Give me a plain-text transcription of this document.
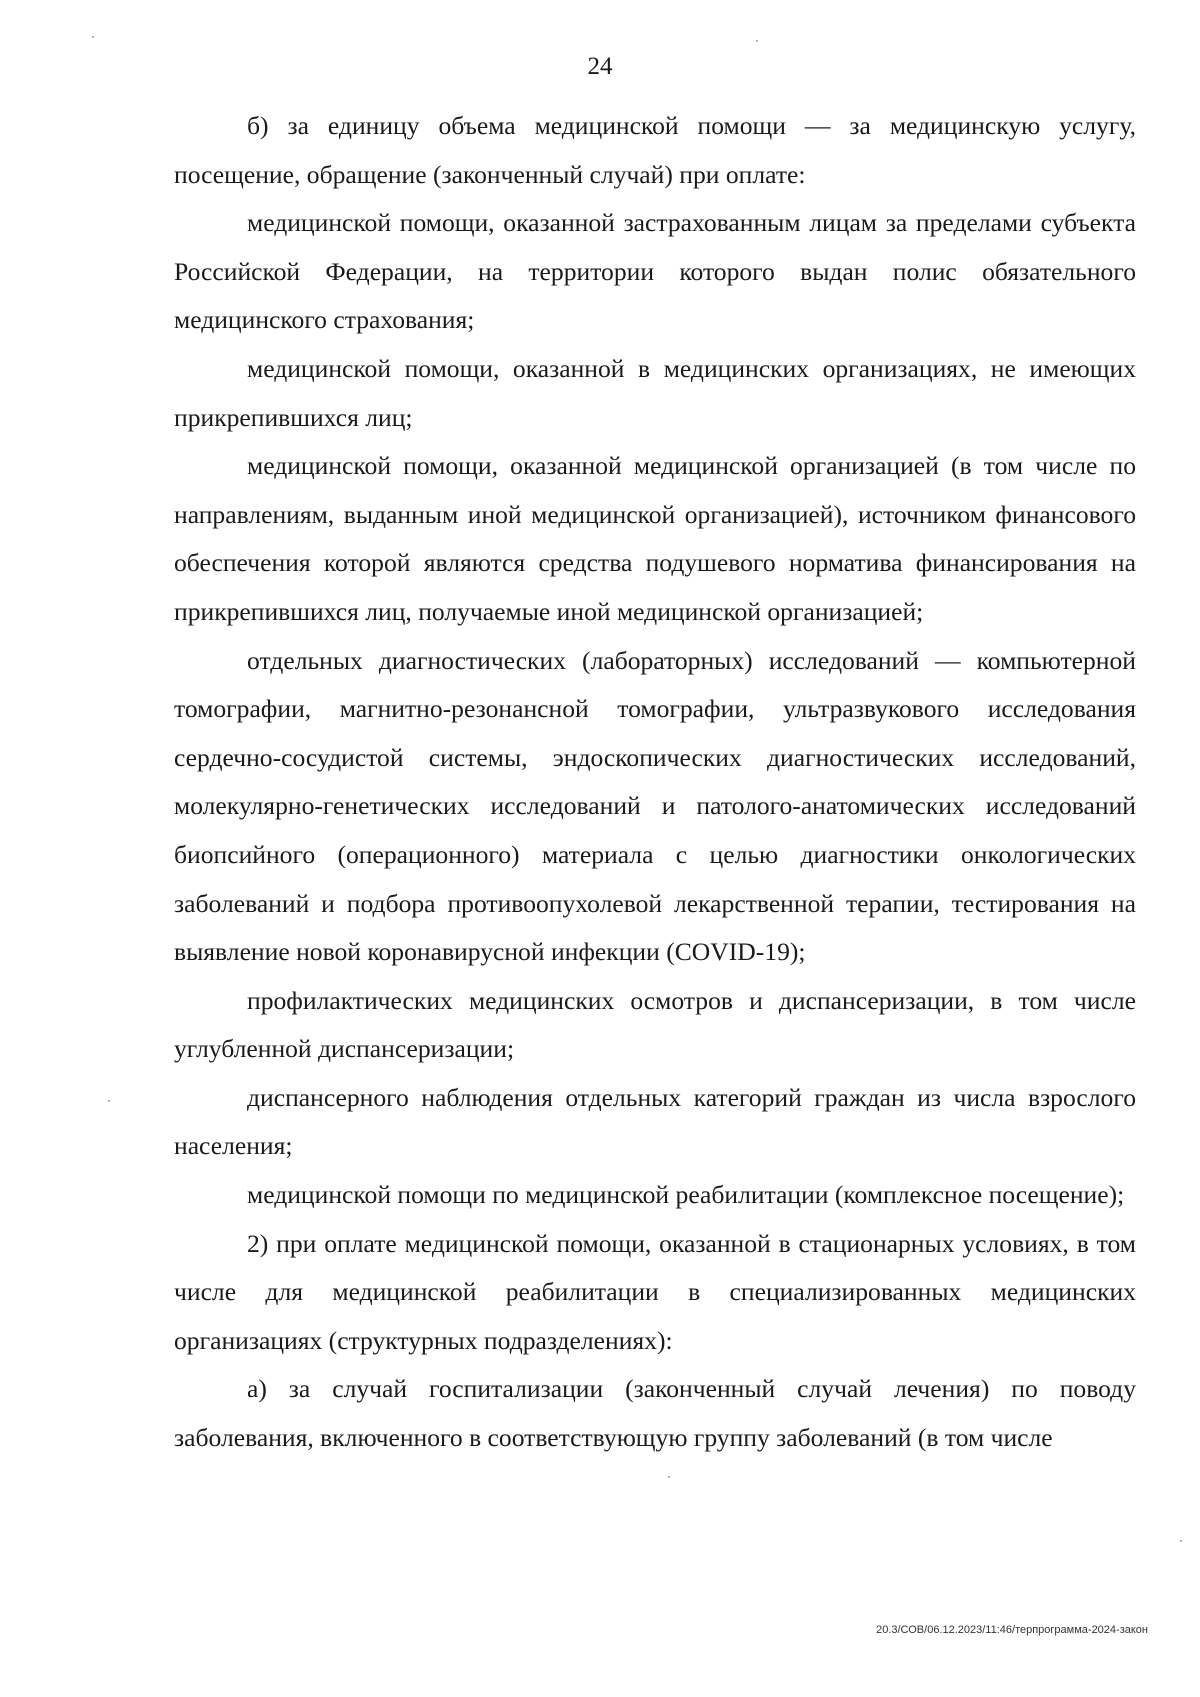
24

б) за единицу объема медицинской помощи — за медицинскую услугу, посещение, обращение (законченный случай) при оплате:

медицинской помощи, оказанной застрахованным лицам за пределами субъекта Российской Федерации, на территории которого выдан полис обязательного медицинского страхования;

медицинской помощи, оказанной в медицинских организациях, не имеющих прикрепившихся лиц;

медицинской помощи, оказанной медицинской организацией (в том числе по направлениям, выданным иной медицинской организацией), источником финансового обеспечения которой являются средства подушевого норматива финансирования на прикрепившихся лиц, получаемые иной медицинской организацией;

отдельных диагностических (лабораторных) исследований — компьютерной томографии, магнитно-резонансной томографии, ультразвукового исследования сердечно-сосудистой системы, эндоскопических диагностических исследований, молекулярно-генетических исследований и патолого-анатомических исследований биопсийного (операционного) материала с целью диагностики онкологических заболеваний и подбора противоопухолевой лекарственной терапии, тестирования на выявление новой коронавирусной инфекции (COVID-19);

профилактических медицинских осмотров и диспансеризации, в том числе углубленной диспансеризации;

диспансерного наблюдения отдельных категорий граждан из числа взрослого населения;

медицинской помощи по медицинской реабилитации (комплексное посещение);

2) при оплате медицинской помощи, оказанной в стационарных условиях, в том числе для медицинской реабилитации в специализированных медицинских организациях (структурных подразделениях):

а) за случай госпитализации (законченный случай лечения) по поводу заболевания, включенного в соответствующую группу заболеваний (в том числе

20.3/СОВ/06.12.2023/11:46/терпрограмма-2024-закон
